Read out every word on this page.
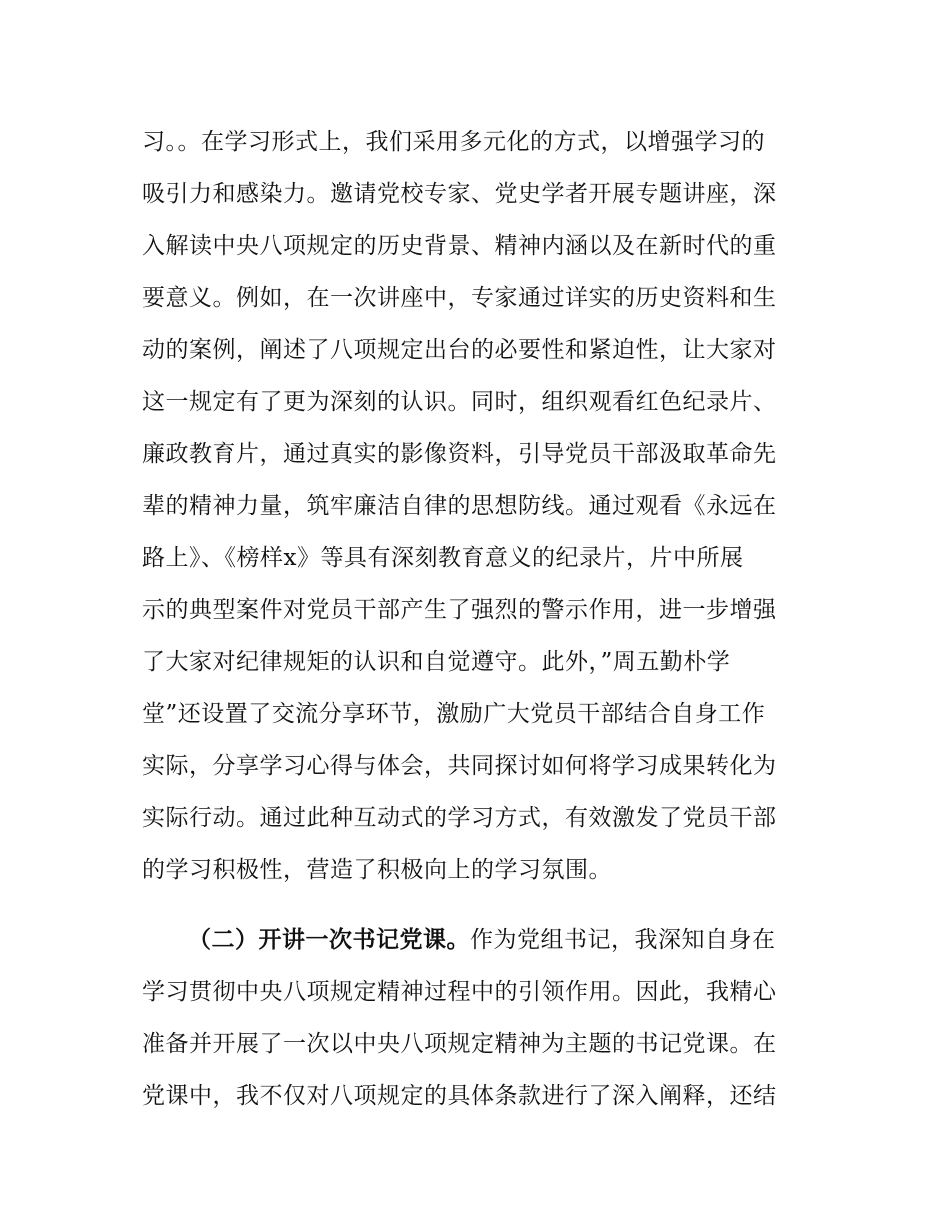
习。。在学习形式上，我们采用多元化的方式，以增强学习的
吸引力和感染力。邀请党校专家、党史学者开展专题讲座，深
入解读中央八项规定的历史背景、精神内涵以及在新时代的重
要意义。例如，在一次讲座中，专家通过详实的历史资料和生
动的案例，阐述了八项规定出台的必要性和紧迫性，让大家对
这一规定有了更为深刻的认识。同时，组织观看红色纪录片、
廉政教育片，通过真实的影像资料，引导党员干部汲取革命先
辈的精神力量，筑牢廉洁自律的思想防线。通过观看《永远在
路上》、《榜样x》等具有深刻教育意义的纪录片，片中所展
示的典型案件对党员干部产生了强烈的警示作用，进一步增强
了大家对纪律规矩的认识和自觉遵守。此外，”周五勤朴学
堂”还设置了交流分享环节，激励广大党员干部结合自身工作
实际，分享学习心得与体会，共同探讨如何将学习成果转化为
实际行动。通过此种互动式的学习方式，有效激发了党员干部
的学习积极性，营造了积极向上的学习氛围。
（二）开讲一次书记党课。作为党组书记，我深知自身在
学习贯彻中央八项规定精神过程中的引领作用。因此，我精心
准备并开展了一次以中央八项规定精神为主题的书记党课。在
党课中，我不仅对八项规定的具体条款进行了深入阐释，还结
